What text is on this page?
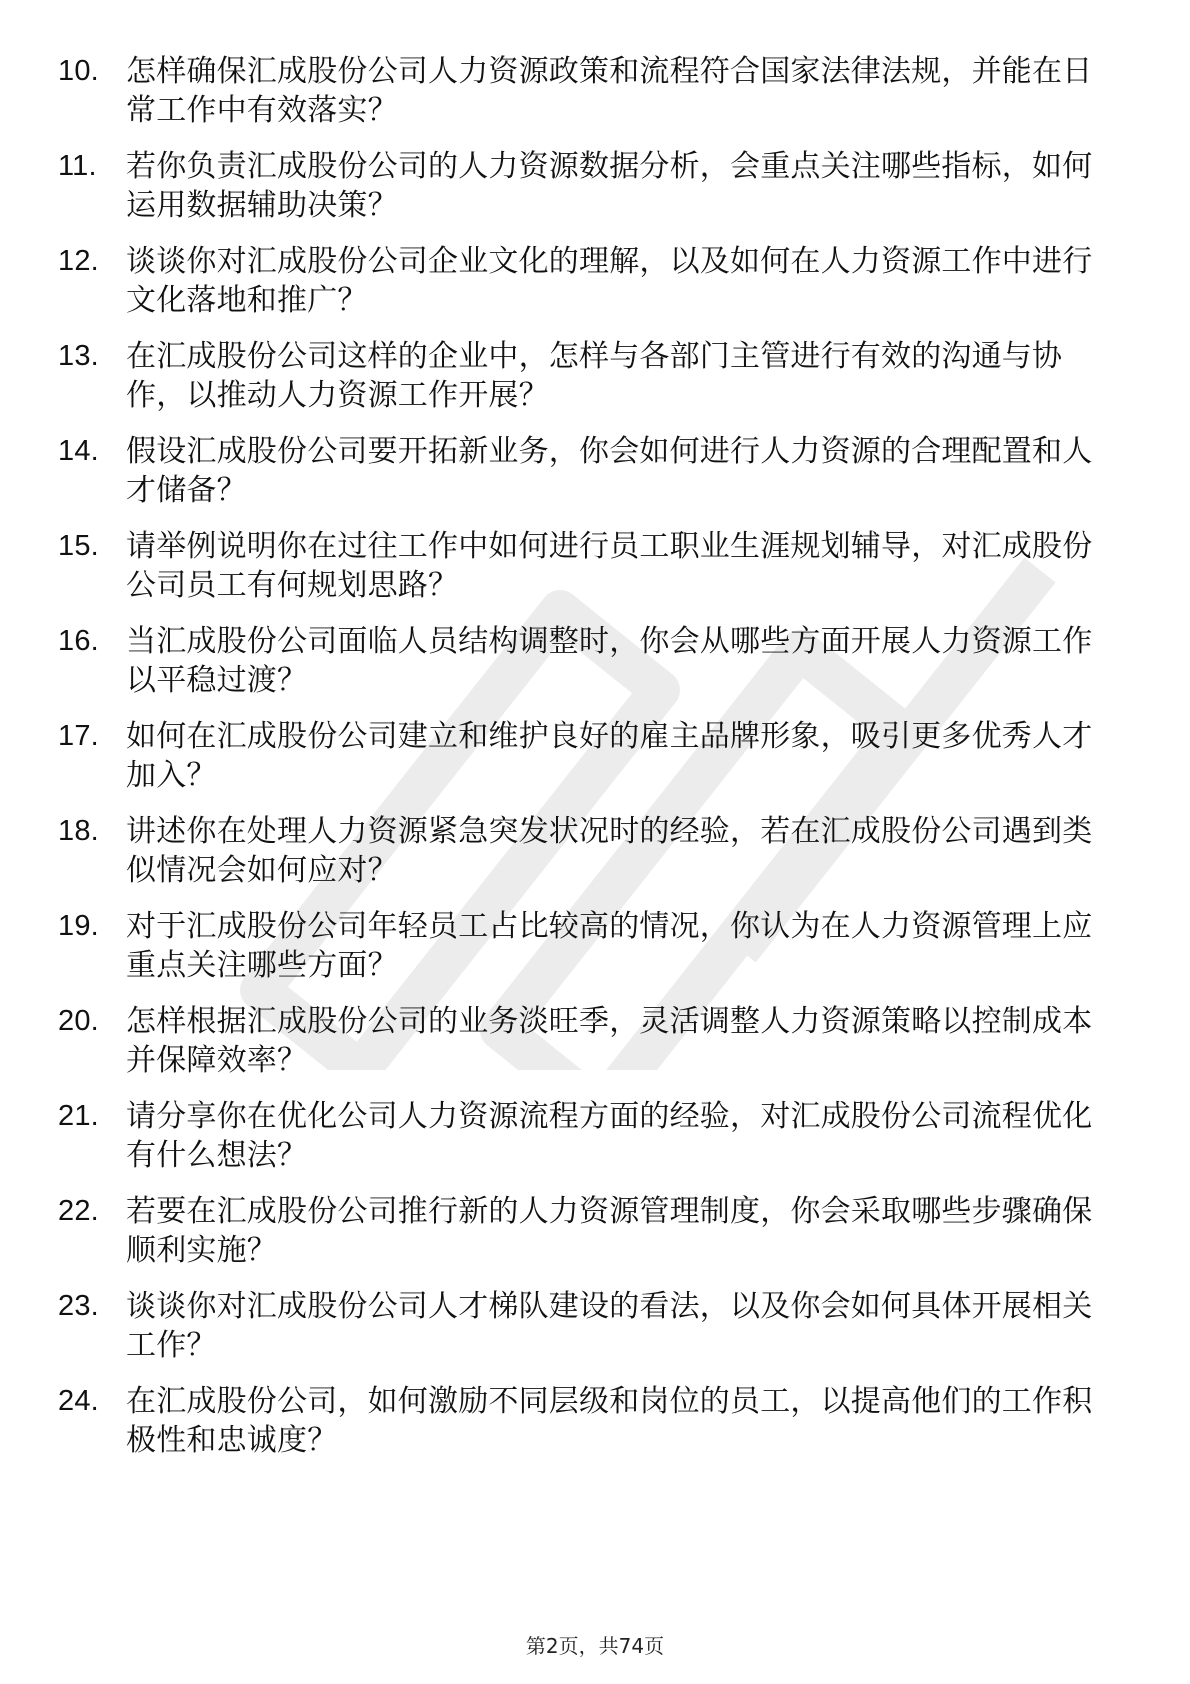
10. 怎样确保汇成股份公司人力资源政策和流程符合国家法律法规，并能在日常工作中有效落实？
11. 若你负责汇成股份公司的人力资源数据分析，会重点关注哪些指标，如何运用数据辅助决策？
12. 谈谈你对汇成股份公司企业文化的理解，以及如何在人力资源工作中进行文化落地和推广？
13. 在汇成股份公司这样的企业中，怎样与各部门主管进行有效的沟通与协作，以推动人力资源工作开展？
14. 假设汇成股份公司要开拓新业务，你会如何进行人力资源的合理配置和人才储备？
15. 请举例说明你在过往工作中如何进行员工职业生涯规划辅导，对汇成股份公司员工有何规划思路？
16. 当汇成股份公司面临人员结构调整时，你会从哪些方面开展人力资源工作以平稳过渡？
17. 如何在汇成股份公司建立和维护良好的雇主品牌形象，吸引更多优秀人才加入？
18. 讲述你在处理人力资源紧急突发状况时的经验，若在汇成股份公司遇到类似情况会如何应对？
19. 对于汇成股份公司年轻员工占比较高的情况，你认为在人力资源管理上应重点关注哪些方面？
20. 怎样根据汇成股份公司的业务淡旺季，灵活调整人力资源策略以控制成本并保障效率？
21. 请分享你在优化公司人力资源流程方面的经验，对汇成股份公司流程优化有什么想法？
22. 若要在汇成股份公司推行新的人力资源管理制度，你会采取哪些步骤确保顺利实施？
23. 谈谈你对汇成股份公司人才梯队建设的看法，以及你会如何具体开展相关工作？
24. 在汇成股份公司，如何激励不同层级和岗位的员工，以提高他们的工作积极性和忠诚度？
第2页，共74页
